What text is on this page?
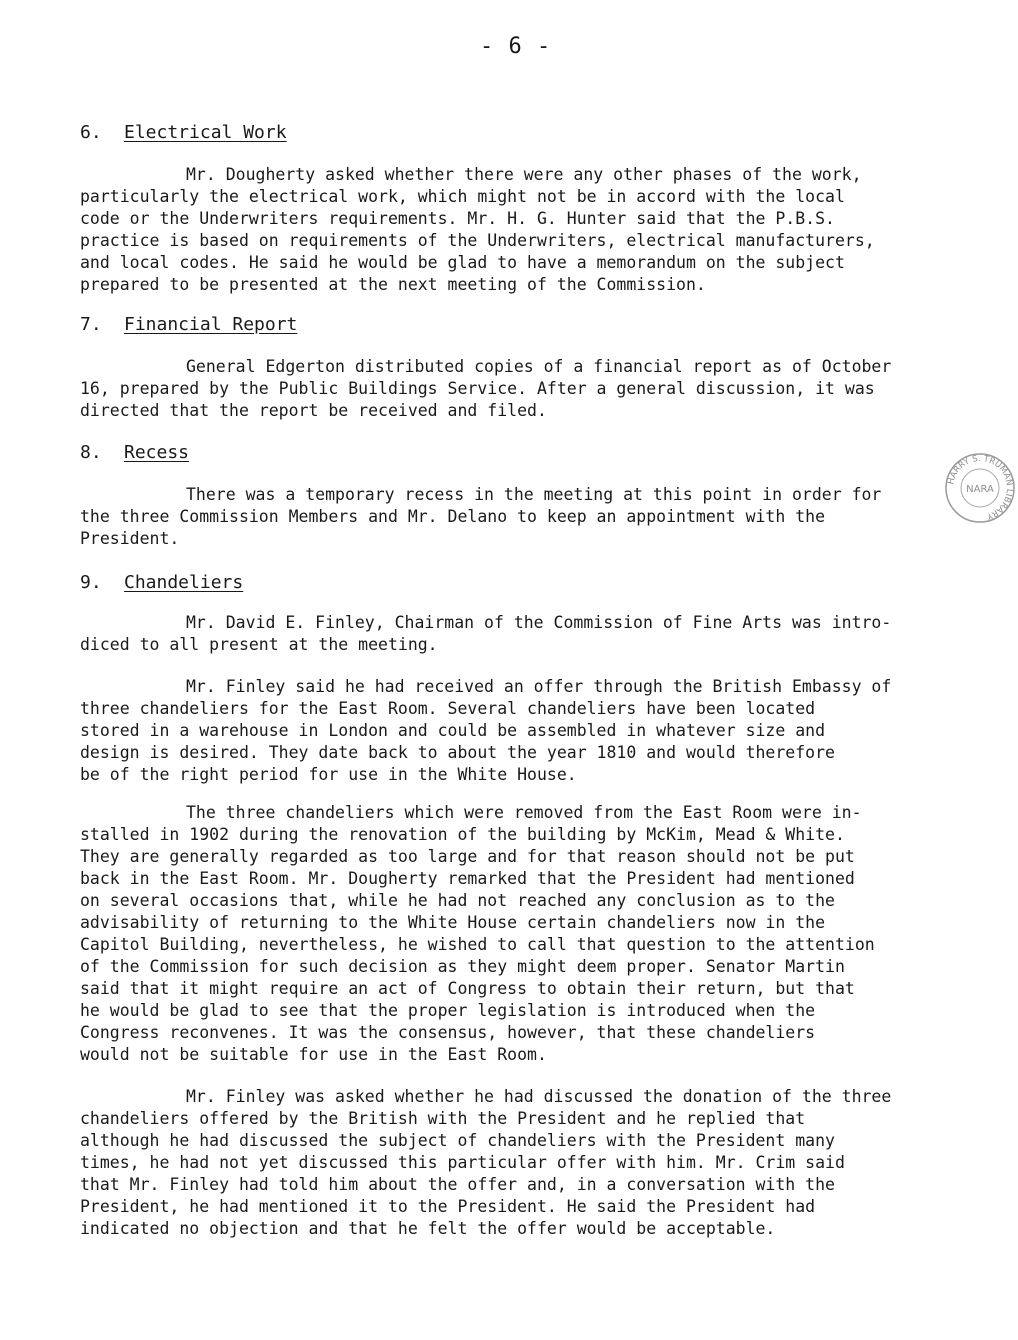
- 6 -
6. Electrical Work

Mr. Dougherty asked whether there were any other phases of the work,
particularly the electrical work, which might not be in accord with the local
code or the Underwriters requirements. Mr. H. G. Hunter said that the P.B.S.
practice is based on requirements of the Underwriters, electrical manufacturers,
and local codes. He said he would be glad to have a memorandum on the subject
prepared to be presented at the next meeting of the Commission.

7. Financial Report

General Edgerton distributed copies of a financial report as of October
16, prepared by the Public Buildings Service. After a general discussion, it was
directed that the report be received and filed.

8. Recess

There was a temporary recess in the meeting at this point in order for
the three Commission Members and Mr. Delano to keep an appointment with the
President.

9. Chandeliers

Mr. David E. Finley, Chairman of the Commission of Fine Arts was intro-
diced to all present at the meeting.

Mr. Finley said he had received an offer through the British Embassy of
three chandeliers for the East Room. Several chandeliers have been located
stored in a warehouse in London and could be assembled in whatever size and
design is desired. They date back to about the year 1810 and would therefore
be of the right period for use in the White House.

The three chandeliers which were removed from the East Room were in-
stalled in 1902 during the renovation of the building by McKim, Mead & White.
They are generally regarded as too large and for that reason should not be put
back in the East Room. Mr. Dougherty remarked that the President had mentioned
on several occasions that, while he had not reached any conclusion as to the
advisability of returning to the White House certain chandeliers now in the
Capitol Building, nevertheless, he wished to call that question to the attention
of the Commission for such decision as they might deem proper. Senator Martin
said that it might require an act of Congress to obtain their return, but that
he would be glad to see that the proper legislation is introduced when the
Congress reconvenes. It was the consensus, however, that these chandeliers
would not be suitable for use in the East Room.

Mr. Finley was asked whether he had discussed the donation of the three
chandeliers offered by the British with the President and he replied that
although he had discussed the subject of chandeliers with the President many
times, he had not yet discussed this particular offer with him. Mr. Crim said
that Mr. Finley had told him about the offer and, in a conversation with the
President, he had mentioned it to the President. He said the President had
indicated no objection and that he felt the offer would be acceptable.

HARRY S. TRUMAN LIBRARY
NARA
